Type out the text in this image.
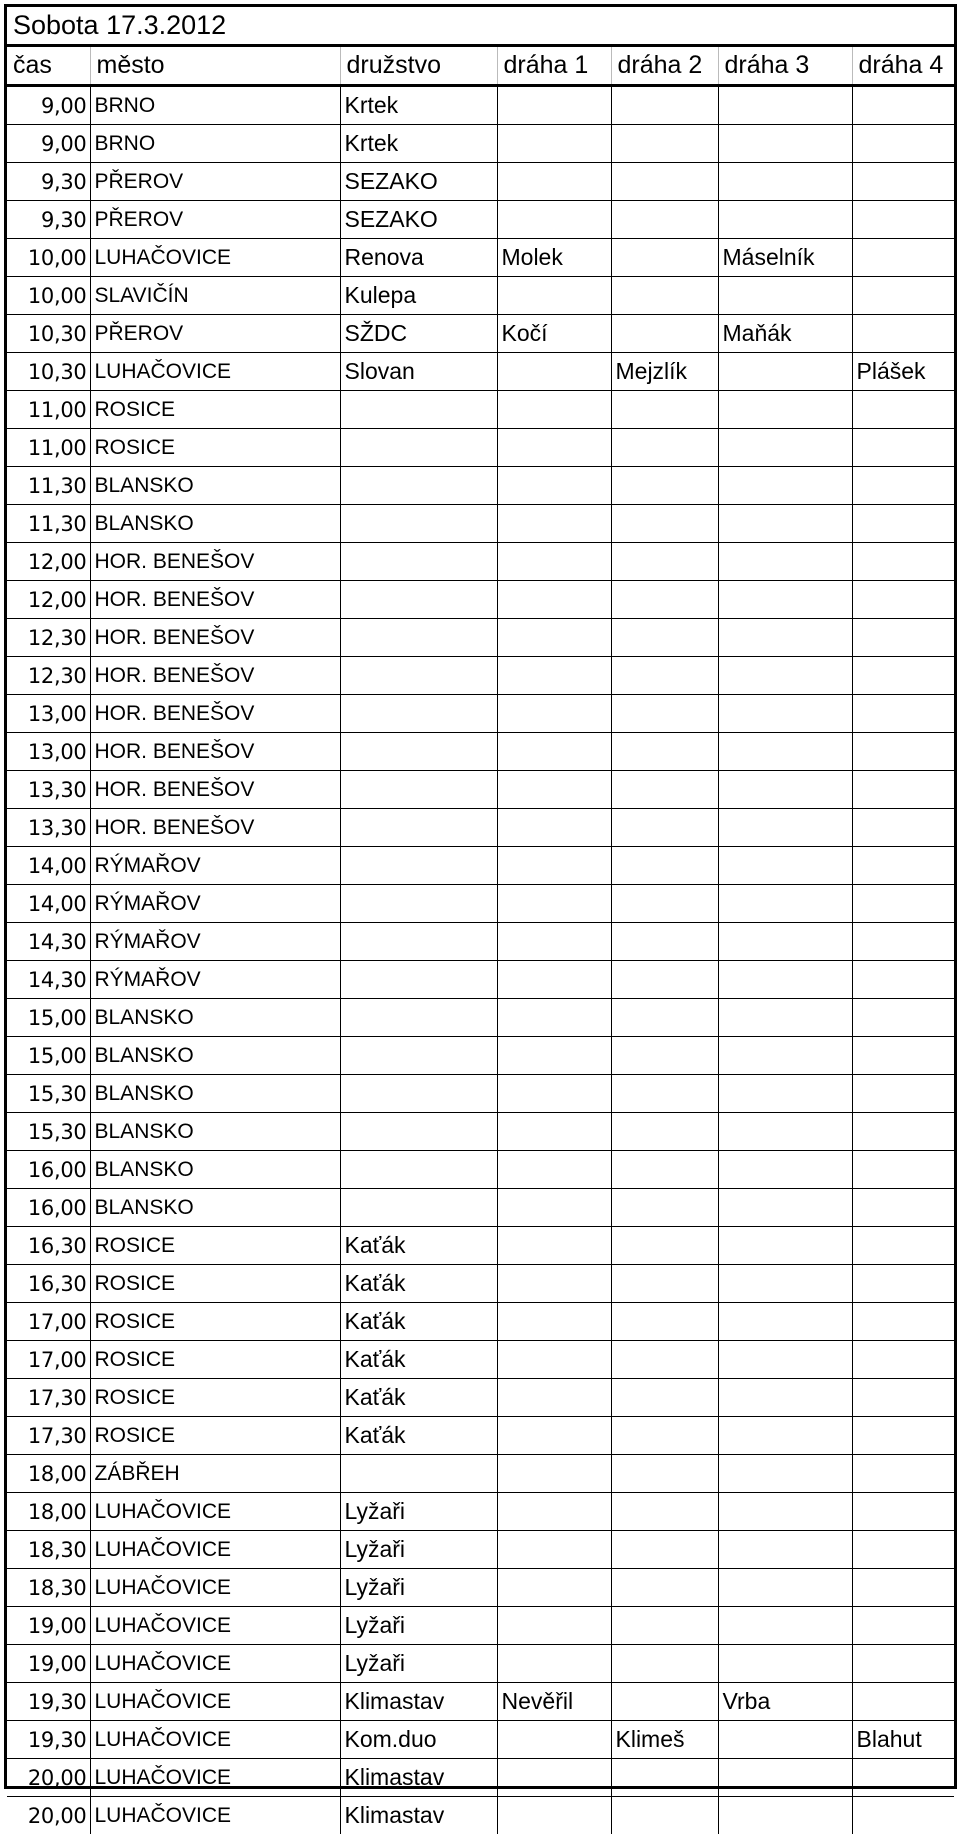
Sobota 17.3.2012
čas	město	družstvo	dráha 1	dráha 2	dráha 3	dráha 4
9,00	BRNO	Krtek				
9,00	BRNO	Krtek				
9,30	PŘEROV	SEZAKO				
9,30	PŘEROV	SEZAKO				
10,00	LUHAČOVICE	Renova	Molek		Máselník	
10,00	SLAVIČÍN	Kulepa				
10,30	PŘEROV	SŽDC	Kočí		Maňák	
10,30	LUHAČOVICE	Slovan		Mejzlík		Plášek
11,00	ROSICE					
11,00	ROSICE					
11,30	BLANSKO					
11,30	BLANSKO					
12,00	HOR. BENEŠOV					
12,00	HOR. BENEŠOV					
12,30	HOR. BENEŠOV					
12,30	HOR. BENEŠOV					
13,00	HOR. BENEŠOV					
13,00	HOR. BENEŠOV					
13,30	HOR. BENEŠOV					
13,30	HOR. BENEŠOV					
14,00	RÝMAŘOV					
14,00	RÝMAŘOV					
14,30	RÝMAŘOV					
14,30	RÝMAŘOV					
15,00	BLANSKO					
15,00	BLANSKO					
15,30	BLANSKO					
15,30	BLANSKO					
16,00	BLANSKO					
16,00	BLANSKO					
16,30	ROSICE	Kaťák				
16,30	ROSICE	Kaťák				
17,00	ROSICE	Kaťák				
17,00	ROSICE	Kaťák				
17,30	ROSICE	Kaťák				
17,30	ROSICE	Kaťák				
18,00	ZÁBŘEH					
18,00	LUHAČOVICE	Lyžaři				
18,30	LUHAČOVICE	Lyžaři				
18,30	LUHAČOVICE	Lyžaři				
19,00	LUHAČOVICE	Lyžaři				
19,00	LUHAČOVICE	Lyžaři				
19,30	LUHAČOVICE	Klimastav	Nevěřil		Vrba	
19,30	LUHAČOVICE	Kom.duo		Klimeš		Blahut
20,00	LUHAČOVICE	Klimastav				
20,00	LUHAČOVICE	Klimastav				
